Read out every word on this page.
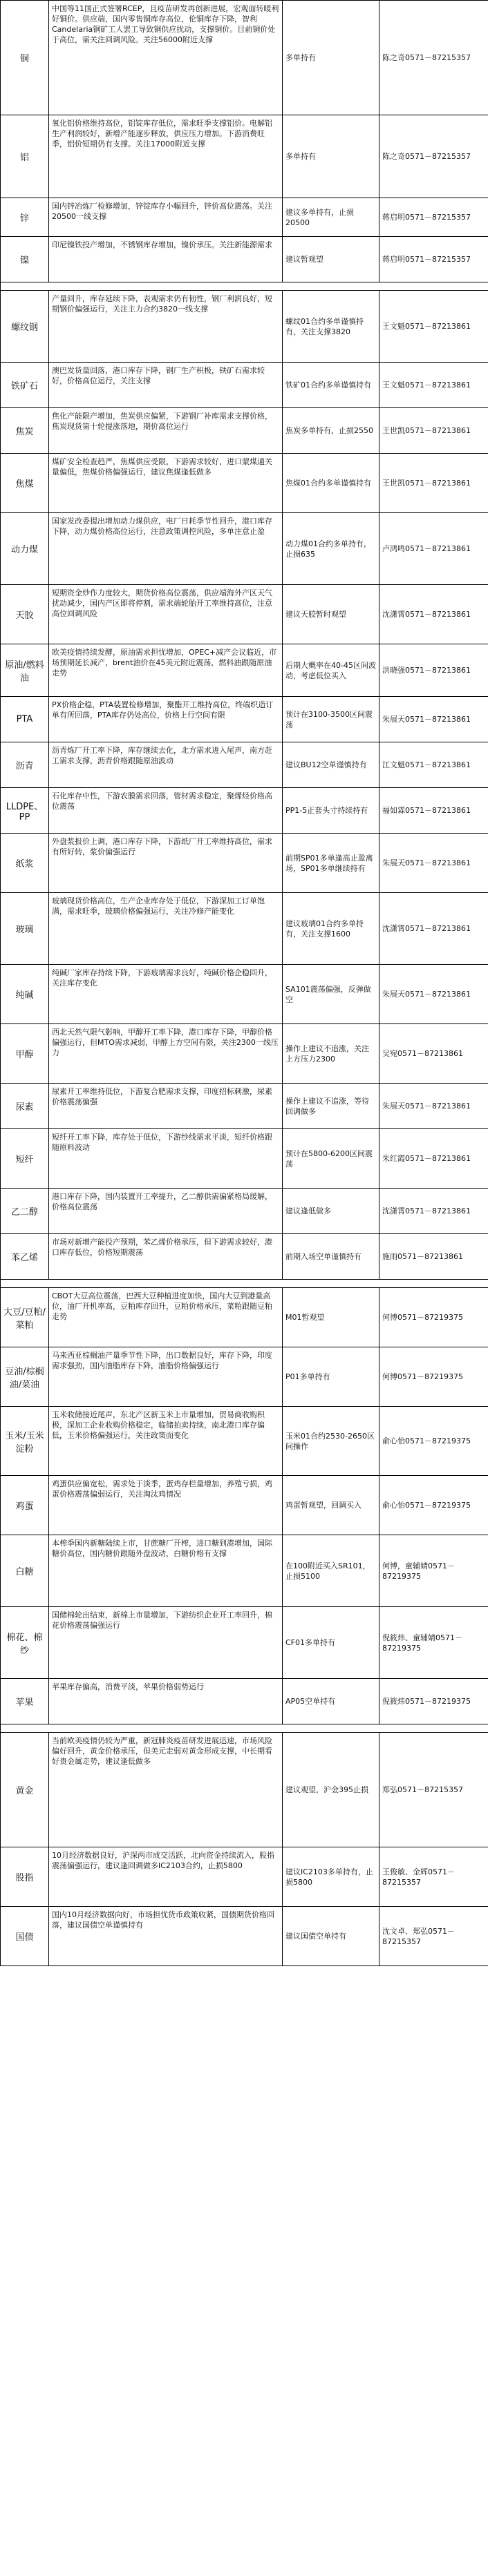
铜	中国等11国正式签署RCEP，且疫苗研发再创新进展，宏观面转暖利好铜价。供应端，国内零售铜库存高位，伦铜库存下降，智利Candelaria铜矿工人罢工导致铜供应扰动，支撑铜价。目前铜价处于高位，需关注回调风险。关注56000附近支撑	多单持有	陈之奇0571－87215357
铝	氧化铝价格维持高位，铝锭库存低位，需求旺季支撑铝价。电解铝生产利润较好，新增产能逐步释放，供应压力增加。下游消费旺季，铝价短期仍有支撑。关注17000附近支撑	多单持有	陈之奇0571－87215357
锌	国内锌冶炼厂检修增加，锌锭库存小幅回升，锌价高位震荡。关注20500一线支撑	建议多单持有，止损20500	蒋启明0571－87215357
镍	印尼镍铁投产增加，不锈钢库存增加，镍价承压。关注新能源需求	建议暂观望	蒋启明0571－87215357

螺纹钢	产量回升，库存延续下降，表观需求仍有韧性，钢厂利润良好，短期钢价偏强运行，关注主力合约3820一线支撑	螺纹01合约多单谨慎持有，关注支撑3820	王文魁0571－87213861
铁矿石	澳巴发货量回落，港口库存下降，钢厂生产积极，铁矿石需求较好，价格高位运行，关注支撑	铁矿01合约多单谨慎持有	王文魁0571－87213861
焦炭	焦化产能限产增加，焦炭供应偏紧，下游钢厂补库需求支撑价格，焦炭现货第十轮提涨落地，期价高位运行	焦炭多单持有，止损2550	王世凯0571－87213861
焦煤	煤矿安全检查趋严，焦煤供应受限，下游需求较好，进口蒙煤通关量偏低，焦煤价格偏强运行，建议焦煤逢低做多	焦煤01合约多单谨慎持有	王世凯0571－87213861
动力煤	国家发改委提出增加动力煤供应，电厂日耗季节性回升，港口库存下降，动力煤价格高位运行，注意政策调控风险，多单注意止盈	动力煤01合约多单持有，止损635	卢鸿鸣0571－87213861
天胶	短期资金炒作力度较大，期货价格高位震荡，供应端海外产区天气扰动减少，国内产区即将停割，需求端轮胎开工率维持高位，注意高位回调风险	建议天胶暂时观望	沈潇霄0571－87213861
原油/燃料油	欧美疫情持续发酵，原油需求担忧增加，OPEC+减产会议临近，市场预期延长减产，brent油价在45美元附近震荡，燃料油跟随原油走势	后期大概率在40-45区间波动，考虑低位买入	洪晓强0571－87213861
PTA	PX价格企稳，PTA装置检修增加，聚酯开工维持高位，终端织造订单有所回落，PTA库存仍处高位，价格上行空间有限	预计在3100-3500区间震荡	朱展天0571－87213861
沥青	沥青炼厂开工率下降，库存继续去化，北方需求进入尾声，南方赶工需求支撑，沥青价格跟随原油波动	建议BU12空单谨慎持有	江文魁0571－87213861
LLDPE、PP	石化库存中性，下游农膜需求回落，管材需求稳定，聚烯烃价格高位震荡	PP1-5正套头寸持续持有	福如霖0571－87213861
纸浆	外盘浆报价上调，港口库存下降，下游纸厂开工率维持高位，需求有所好转，浆价偏强运行	前期SP01多单逢高止盈离场，SP01多单继续持有	朱展天0571－87213861
玻璃	玻璃现货价格高位，生产企业库存处于低位，下游深加工订单饱满，需求旺季，玻璃价格偏强运行，关注冷修产能变化	建议玻璃01合约多单持有，关注支撑1600	沈潇霄0571－87213861
纯碱	纯碱厂家库存持续下降，下游玻璃需求良好，纯碱价格企稳回升，关注库存变化	SA101震荡偏强，反弹做空	朱展天0571－87213861
甲醇	西北天然气限气影响，甲醇开工率下降，港口库存下降，甲醇价格偏强运行，但MTO需求减弱，甲醇上方空间有限，关注2300一线压力	操作上建议不追涨，关注上方压力2300	吴宛0571－87213861
尿素	尿素开工率维持低位，下游复合肥需求支撑，印度招标刺激，尿素价格震荡偏强	操作上建议不追涨，等待回调做多	朱展天0571－87213861
短纤	短纤开工率下降，库存处于低位，下游纱线需求平淡，短纤价格跟随原料波动	预计在5800-6200区间震荡	朱红霞0571－87213861
乙二醇	港口库存下降，国内装置开工率提升，乙二醇供需偏紧格局缓解，价格高位震荡	建议逢低做多	沈潇霄0571－87213861
苯乙烯	市场对新增产能投产预期，苯乙烯价格承压，但下游需求较好，港口库存低位，价格短期震荡	前期入场空单谨慎持有	施雨0571－87213861

大豆/豆粕/菜粕	CBOT大豆高位震荡，巴西大豆种植进度加快，国内大豆到港量高位，油厂开机率高，豆粕库存回升，豆粕价格承压，菜粕跟随豆粕走势	M01暂观望	何博0571－87219375
豆油/棕榈油/菜油	马来西亚棕榈油产量季节性下降，出口数据良好，库存下降，印度需求强劲，国内油脂库存下降，油脂价格偏强运行	P01多单持有	何博0571－87219375
玉米/玉米淀粉	玉米收储接近尾声，东北产区新玉米上市量增加，贸易商收购积极，深加工企业收购价格稳定，临储拍卖持续，南北港口库存偏低，玉米价格偏强运行，关注政策面变化	玉米01合约2530-2650区间操作	俞心怡0571－87219375
鸡蛋	鸡蛋供应偏宽松，需求处于淡季，蛋鸡存栏量增加，养殖亏损，鸡蛋价格震荡偏弱运行，关注淘汰鸡情况	鸡蛋暂观望，回调买入	俞心怡0571－87219375
白糖	本榨季国内新糖陆续上市，甘蔗糖厂开榨，进口糖到港增加，国际糖价高位，国内糖价跟随外盘波动，白糖价格有支撑	在100附近买入SR101，止损5100	何博，童辅婧0571－87219375
棉花、棉纱	国储棉轮出结束，新棉上市量增加，下游纺织企业开工率回升，棉花价格震荡偏强运行	CF01多单持有	倪筱炜、童辅婧0571－87219375
苹果	苹果库存偏高，消费平淡，苹果价格弱势运行	AP05空单持有	倪筱炜0571－87219375

黄金	当前欧美疫情仍较为严重，新冠肺炎疫苗研发进展迅速，市场风险偏好回升，黄金价格承压，但美元走弱对黄金形成支撑，中长期看好贵金属走势，建议逢低做多	建议观望，沪金395止损	郑弘0571－87215357
股指	10月经济数据良好，沪深两市成交活跃，北向资金持续流入，股指震荡偏强运行，建议逢回调做多IC2103合约，止损5800	建议IC2103多单持有，止损5800	王俊敏、金辉0571－87215357
国债	国内10月经济数据向好，市场担忧货币政策收紧，国债期货价格回落，建议国债空单谨慎持有	建议国债空单持有	沈文卓、郑弘0571－87215357
